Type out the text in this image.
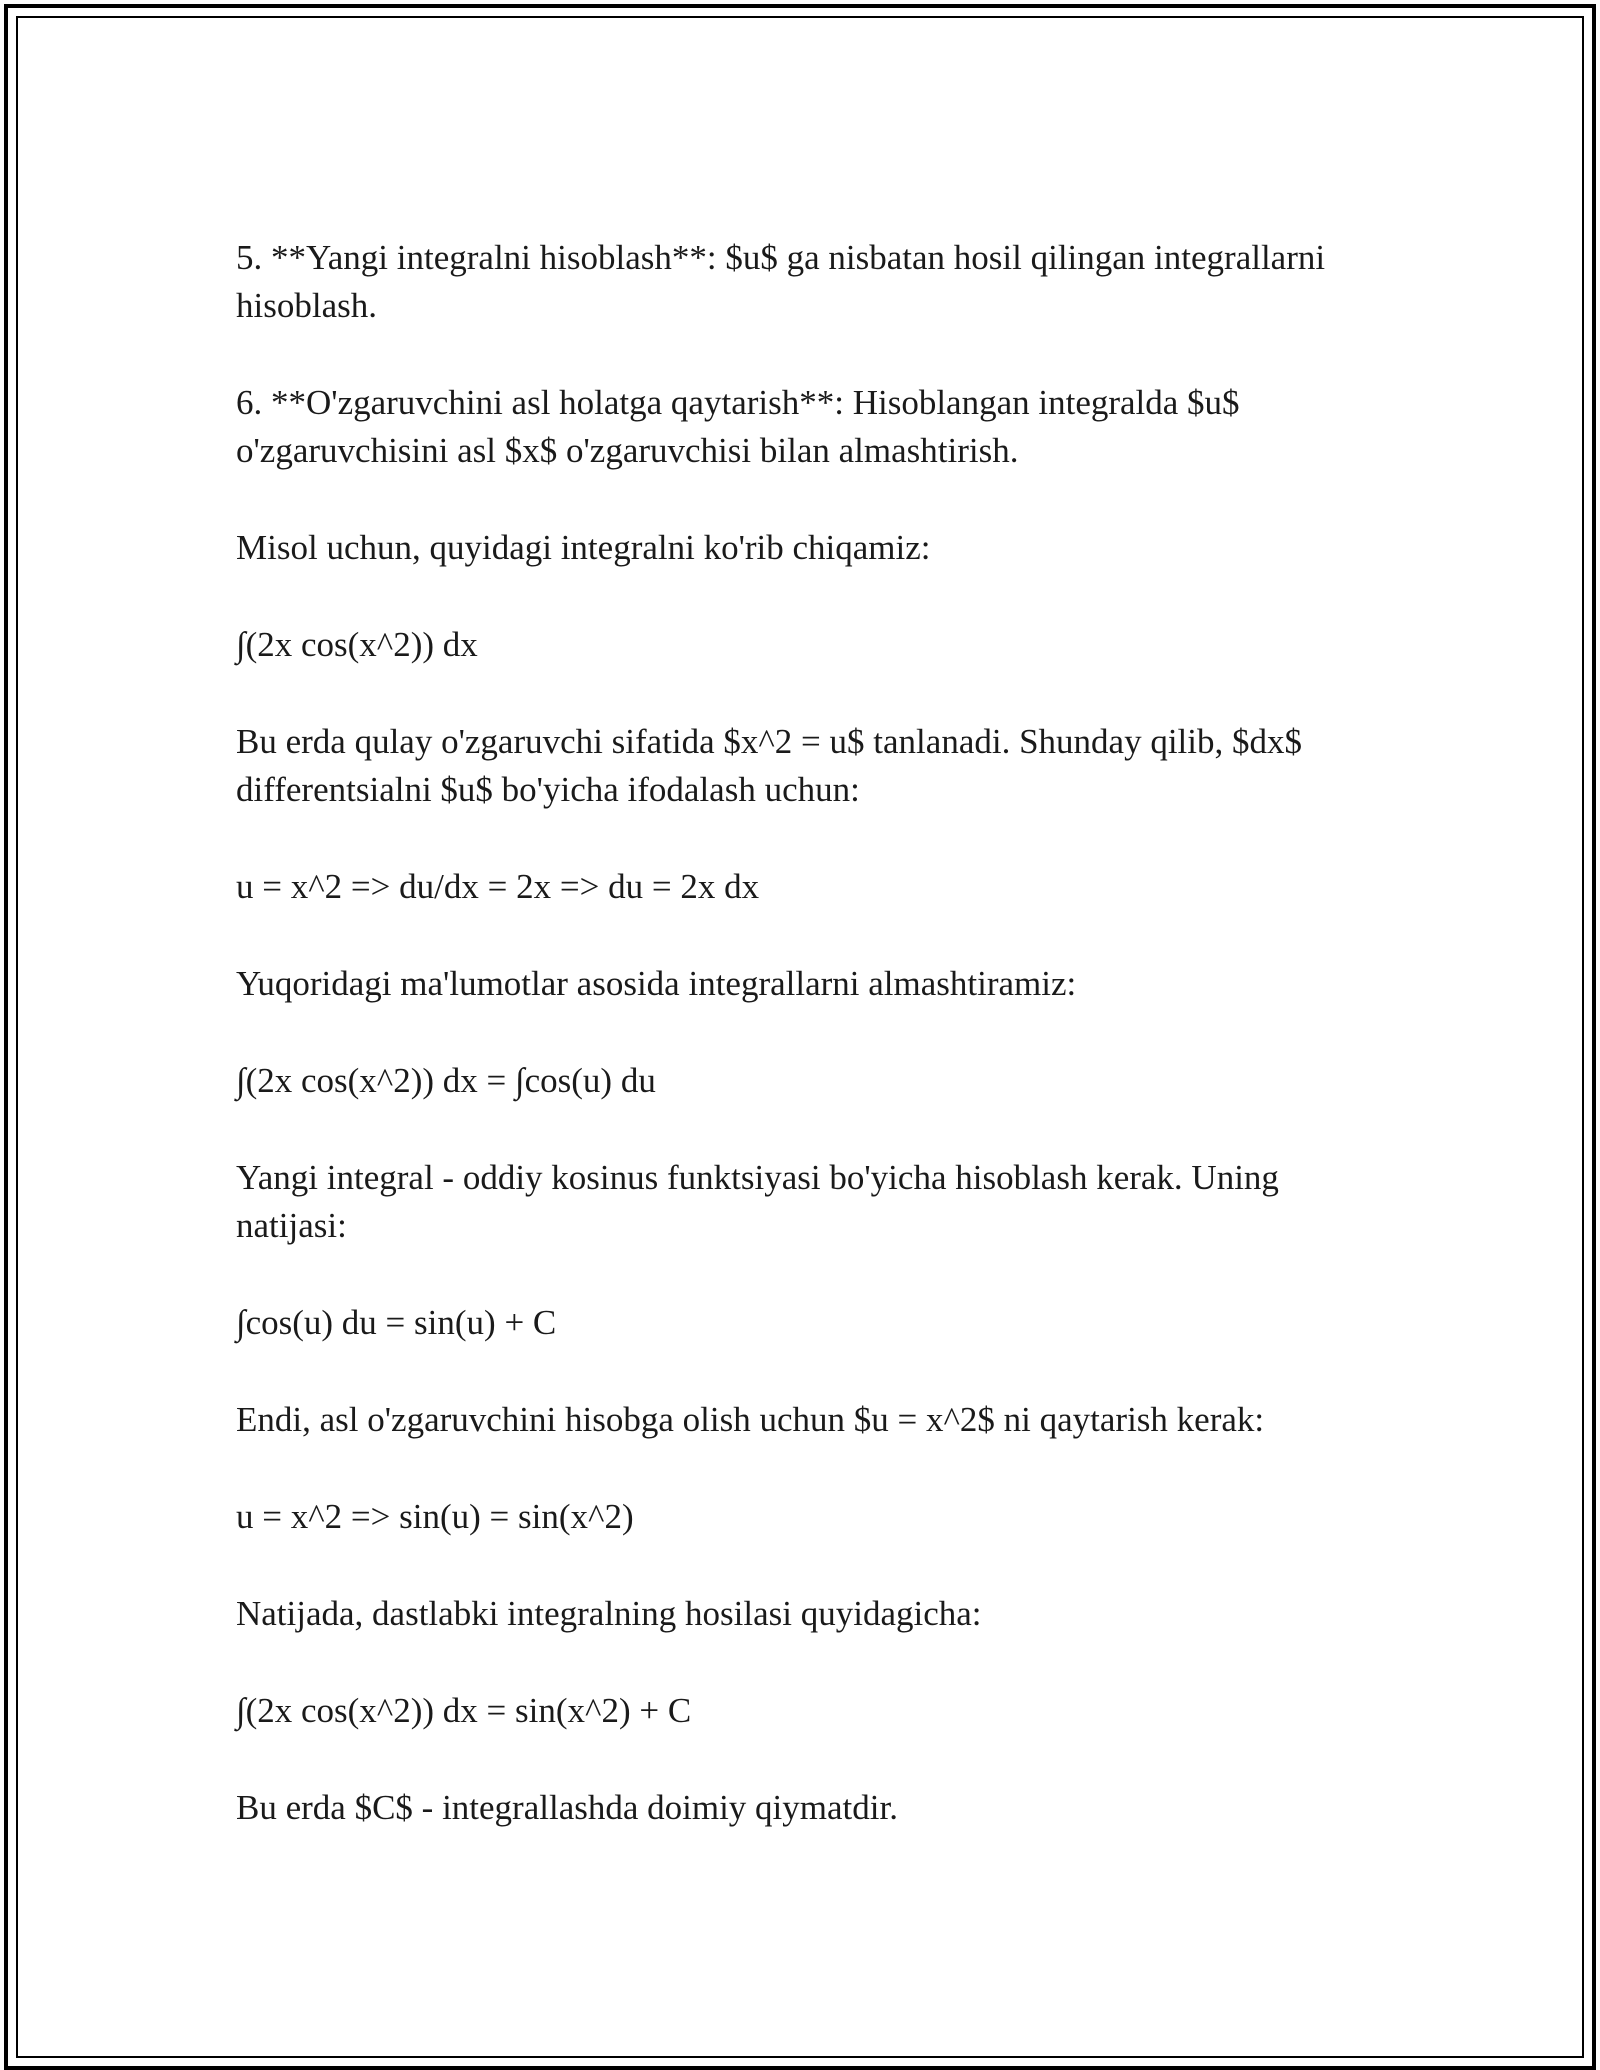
5. **Yangi integralni hisoblash**: $u$ ga nisbatan hosil qilingan integrallarni hisoblash.

6. **O'zgaruvchini asl holatga qaytarish**: Hisoblangan integralda $u$ o'zgaruvchisini asl $x$ o'zgaruvchisi bilan almashtirish.

Misol uchun, quyidagi integralni ko'rib chiqamiz:

∫(2x cos(x^2)) dx

Bu erda qulay o'zgaruvchi sifatida $x^2 = u$ tanlanadi. Shunday qilib, $dx$ differentsialni $u$ bo'yicha ifodalash uchun:

u = x^2 => du/dx = 2x => du = 2x dx

Yuqoridagi ma'lumotlar asosida integrallarni almashtiramiz:

∫(2x cos(x^2)) dx = ∫cos(u) du

Yangi integral - oddiy kosinus funktsiyasi bo'yicha hisoblash kerak. Uning natijasi:

∫cos(u) du = sin(u) + C

Endi, asl o'zgaruvchini hisobga olish uchun $u = x^2$ ni qaytarish kerak:

u = x^2 => sin(u) = sin(x^2)

Natijada, dastlabki integralning hosilasi quyidagicha:

∫(2x cos(x^2)) dx = sin(x^2) + C

Bu erda $C$ - integrallashda doimiy qiymatdir.
